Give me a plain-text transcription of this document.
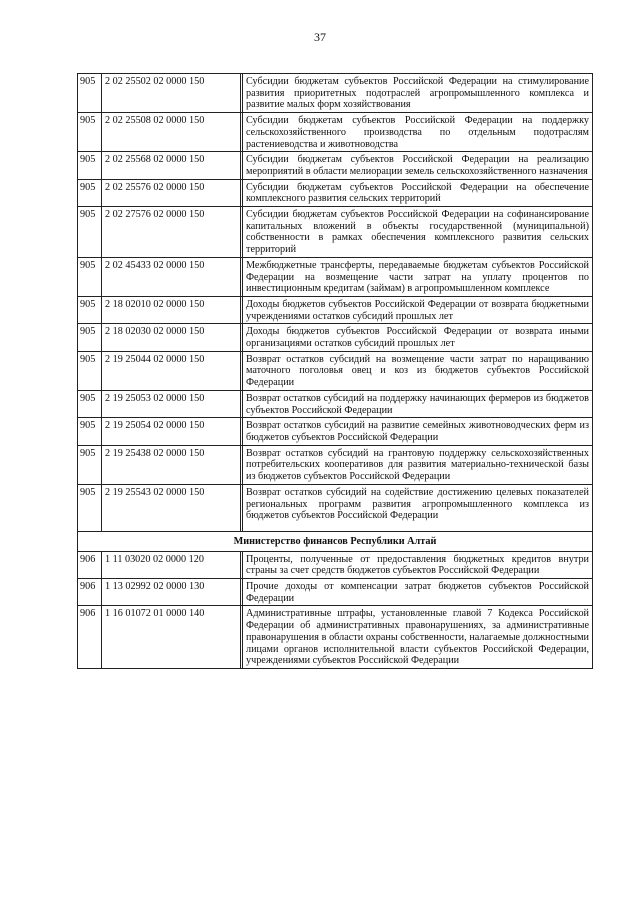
37
905	2 02 25502 02 0000 150		Субсидии бюджетам субъектов Российской Федерации на стимулирование развития приоритетных подотраслей агропромышленного комплекса и развитие малых форм хозяйствования
905	2 02 25508 02 0000 150		Субсидии бюджетам субъектов Российской Федерации на поддержку сельскохозяйственного производства по отдельным подотраслям растениеводства и животноводства
905	2 02 25568 02 0000 150		Субсидии бюджетам субъектов Российской Федерации на реализацию мероприятий в области мелиорации земель сельскохозяйственного назначения
905	2 02 25576 02 0000 150		Субсидии бюджетам субъектов Российской Федерации на обеспечение комплексного развития сельских территорий
905	2 02 27576 02 0000 150		Субсидии бюджетам субъектов Российской Федерации на софинансирование капитальных вложений в объекты государственной (муниципальной) собственности в рамках обеспечения комплексного развития сельских территорий
905	2 02 45433 02 0000 150		Межбюджетные трансферты, передаваемые бюджетам субъектов Российской Федерации на возмещение части затрат на уплату процентов по инвестиционным кредитам (займам) в агропромышленном комплексе
905	2 18 02010 02 0000 150		Доходы бюджетов субъектов Российской Федерации от возврата бюджетными учреждениями остатков субсидий прошлых лет
905	2 18 02030 02 0000 150		Доходы бюджетов субъектов Российской Федерации от возврата иными организациями остатков субсидий прошлых лет
905	2 19 25044 02 0000 150		Возврат остатков субсидий на возмещение части затрат по наращиванию маточного поголовья овец и коз из бюджетов субъектов Российской Федерации
905	2 19 25053 02 0000 150		Возврат остатков субсидий на поддержку начинающих фермеров из бюджетов субъектов Российской Федерации
905	2 19 25054 02 0000 150		Возврат остатков субсидий на развитие семейных животноводческих ферм из бюджетов субъектов Российской Федерации
905	2 19 25438 02 0000 150		Возврат остатков субсидий на грантовую поддержку сельскохозяйственных потребительских кооперативов для развития материально-технической базы из бюджетов субъектов Российской Федерации
905	2 19 25543 02 0000 150		Возврат остатков субсидий на содействие достижению целевых показателей региональных программ развития агропромышленного комплекса из бюджетов субъектов Российской Федерации

Министерство финансов Республики Алтай			
906	1 11 03020 02 0000 120		Проценты, полученные от предоставления бюджетных кредитов внутри страны за счет средств бюджетов субъектов Российской Федерации
906	1 13 02992 02 0000 130		Прочие доходы от компенсации затрат бюджетов субъектов Российской Федерации
906	1 16 01072 01 0000 140		Административные штрафы, установленные главой 7 Кодекса Российской Федерации об административных правонарушениях, за административные правонарушения в области охраны собственности, налагаемые должностными лицами органов исполнительной власти субъектов Российской Федерации, учреждениями субъектов Российской Федерации
